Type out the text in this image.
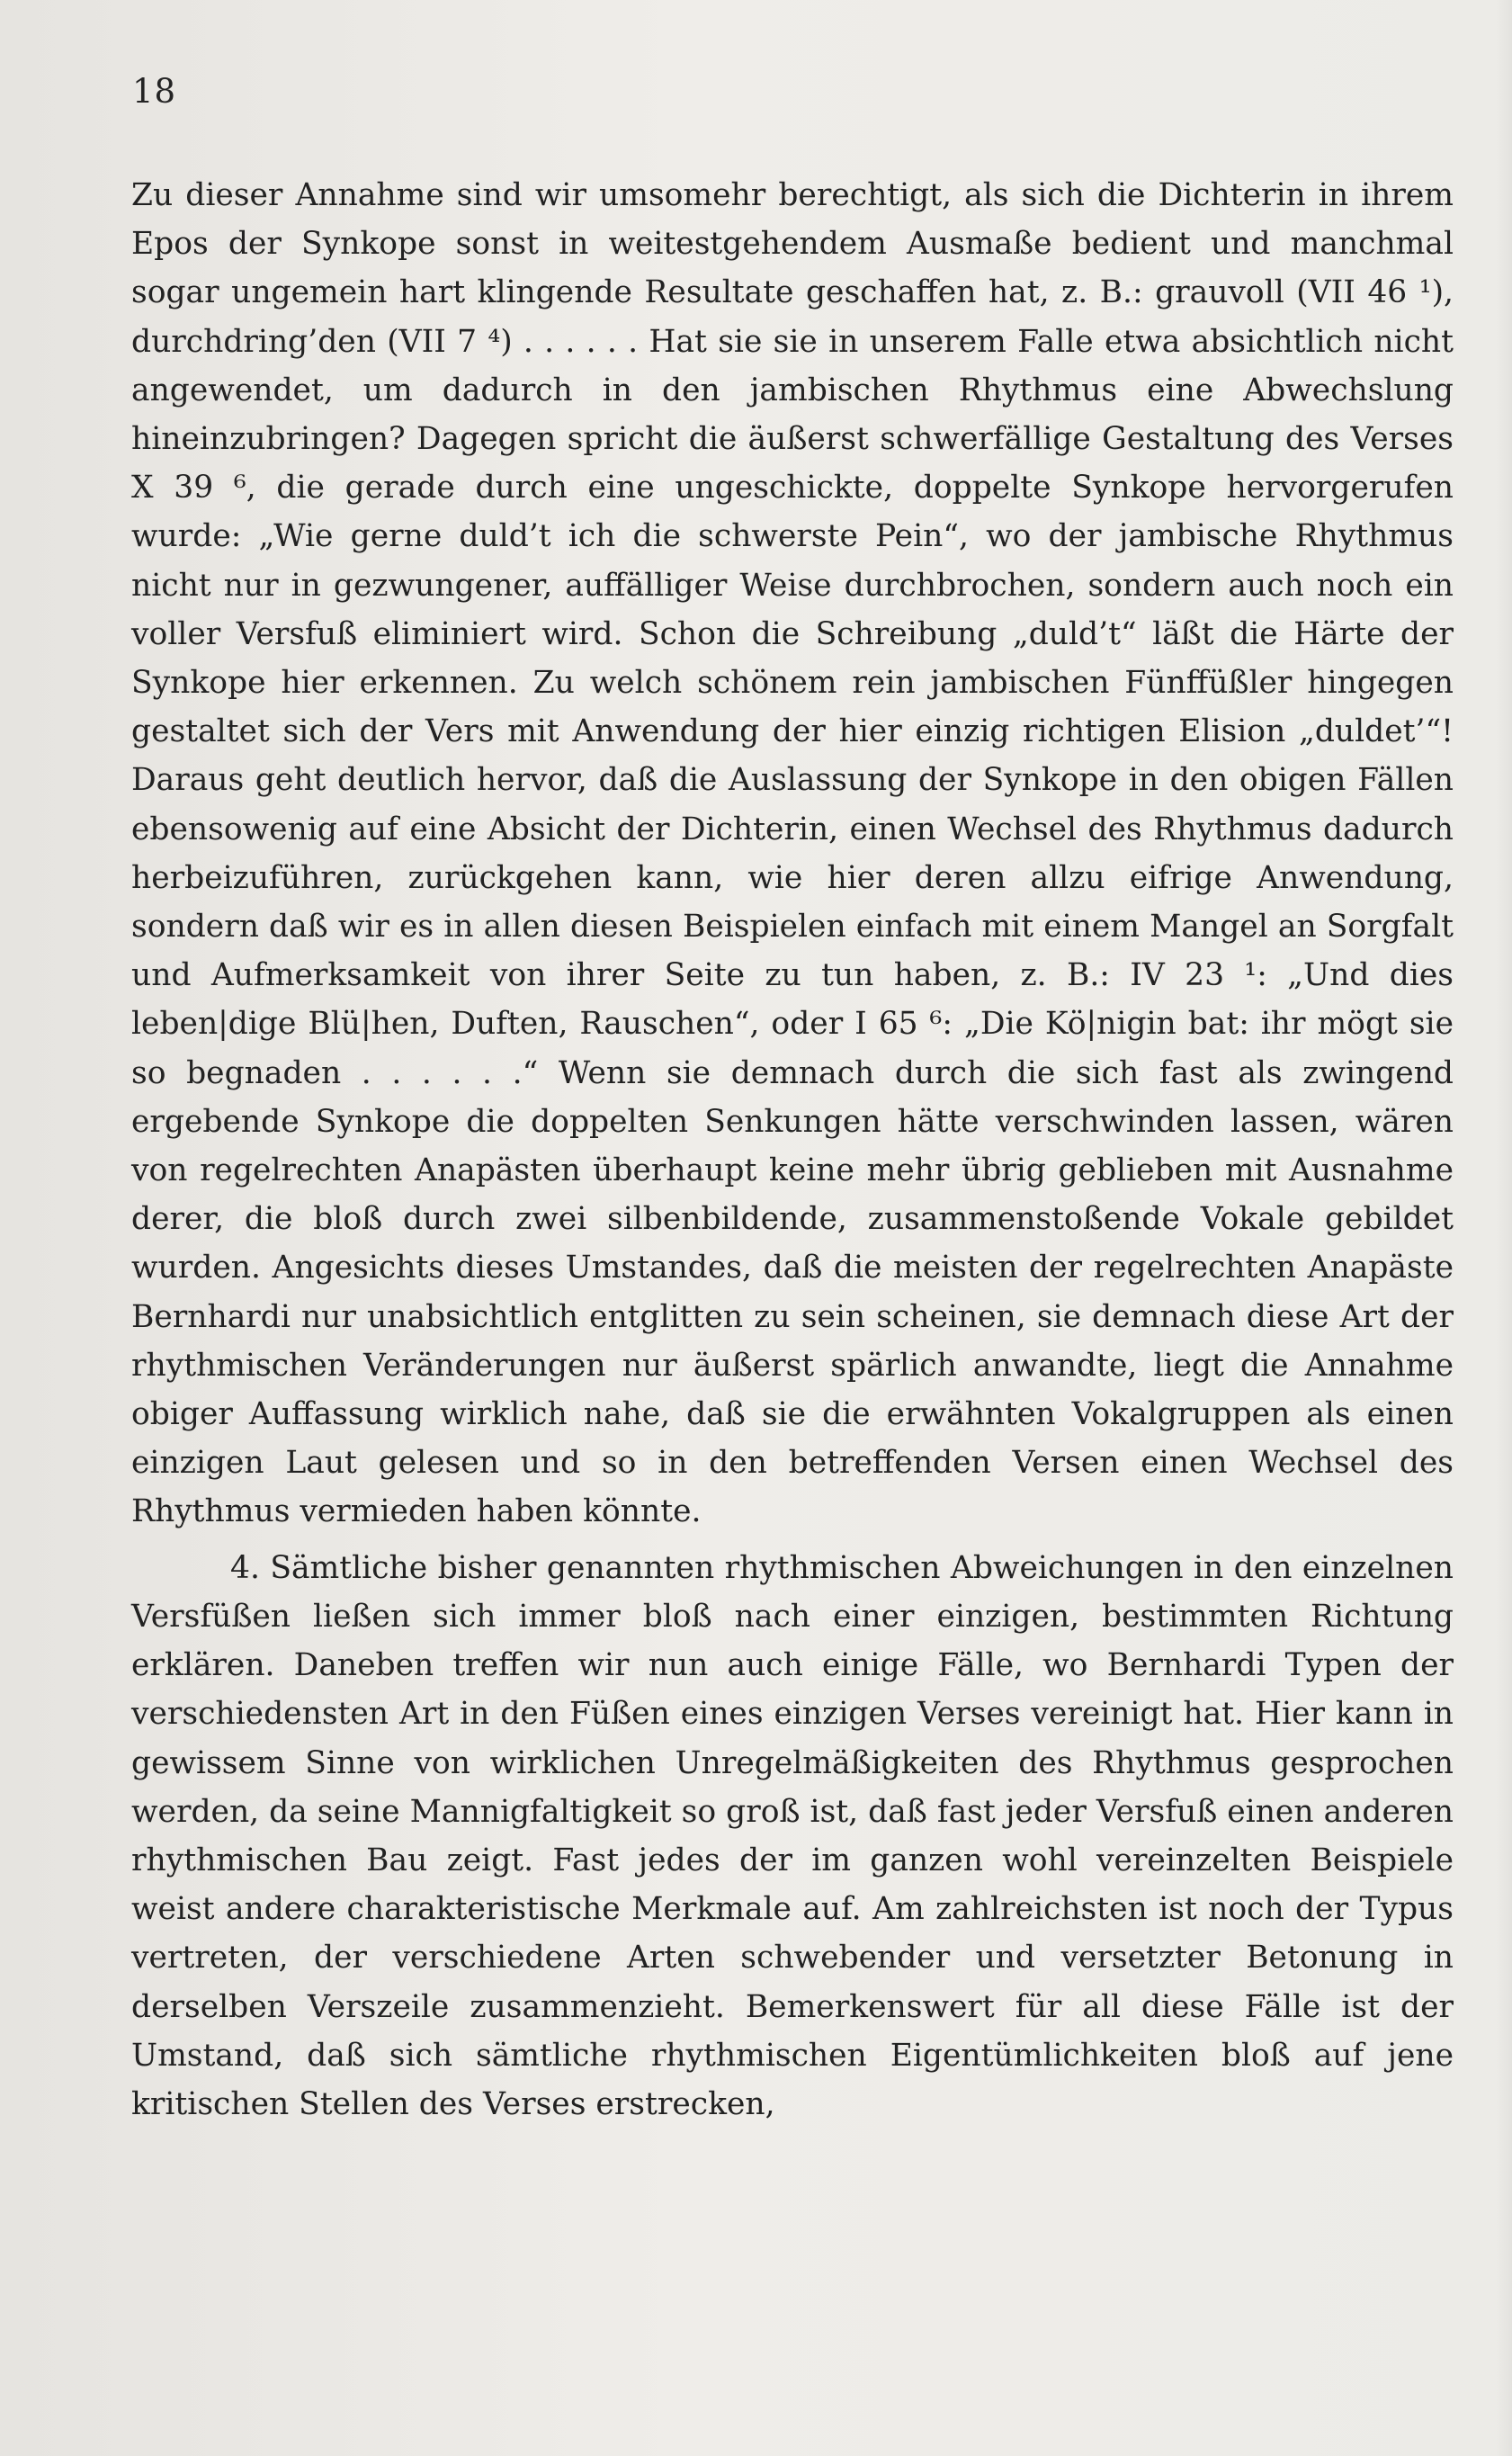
18

Zu dieser Annahme sind wir umsomehr berechtigt, als sich die Dichterin in ihrem Epos der Synkope sonst in weitestgehendem Ausmaße bedient und manchmal sogar ungemein hart klingende Resultate geschaffen hat, z. B.: grauvoll (VII 46 ¹), durchdring’den (VII 7 ⁴) . . . . . . Hat sie sie in unserem Falle etwa absichtlich nicht angewendet, um dadurch in den jambischen Rhythmus eine Abwechslung hineinzubringen? Dagegen spricht die äußerst schwerfällige Gestaltung des Verses X 39 ⁶, die gerade durch eine ungeschickte, doppelte Synkope hervorgerufen wurde: „Wie gerne duld’t ich die schwerste Pein“, wo der jambische Rhythmus nicht nur in gezwungener, auffälliger Weise durchbrochen, sondern auch noch ein voller Versfuß eliminiert wird. Schon die Schreibung „duld’t“ läßt die Härte der Synkope hier erkennen. Zu welch schönem rein jambischen Fünffüßler hingegen gestaltet sich der Vers mit Anwendung der hier einzig richtigen Elision „duldet’“! Daraus geht deutlich hervor, daß die Auslassung der Synkope in den obigen Fällen ebensowenig auf eine Absicht der Dichterin, einen Wechsel des Rhythmus dadurch herbeizuführen, zurückgehen kann, wie hier deren allzu eifrige Anwendung, sondern daß wir es in allen diesen Beispielen einfach mit einem Mangel an Sorgfalt und Aufmerksamkeit von ihrer Seite zu tun haben, z. B.: IV 23 ¹: „Und dies leben|dige Blü|hen, Duften, Rauschen“, oder I 65 ⁶: „Die Kö|nigin bat: ihr mögt sie so begnaden . . . . . .“ Wenn sie demnach durch die sich fast als zwingend ergebende Synkope die doppelten Senkungen hätte verschwinden lassen, wären von regelrechten Anapästen überhaupt keine mehr übrig geblieben mit Ausnahme derer, die bloß durch zwei silbenbildende, zusammenstoßende Vokale gebildet wurden. Angesichts dieses Umstandes, daß die meisten der regelrechten Anapäste Bernhardi nur unabsichtlich entglitten zu sein scheinen, sie demnach diese Art der rhythmischen Veränderungen nur äußerst spärlich anwandte, liegt die Annahme obiger Auffassung wirklich nahe, daß sie die erwähnten Vokalgruppen als einen einzigen Laut gelesen und so in den betreffenden Versen einen Wechsel des Rhythmus vermieden haben könnte.

4. Sämtliche bisher genannten rhythmischen Abweichungen in den einzelnen Versfüßen ließen sich immer bloß nach einer einzigen, bestimmten Richtung erklären. Daneben treffen wir nun auch einige Fälle, wo Bernhardi Typen der verschiedensten Art in den Füßen eines einzigen Verses vereinigt hat. Hier kann in gewissem Sinne von wirklichen Unregelmäßigkeiten des Rhythmus gesprochen werden, da seine Mannigfaltigkeit so groß ist, daß fast jeder Versfuß einen anderen rhythmischen Bau zeigt. Fast jedes der im ganzen wohl vereinzelten Beispiele weist andere charakteristische Merkmale auf. Am zahlreichsten ist noch der Typus vertreten, der verschiedene Arten schwebender und versetzter Betonung in derselben Verszeile zusammenzieht. Bemerkenswert für all diese Fälle ist der Umstand, daß sich sämtliche rhythmischen Eigentümlichkeiten bloß auf jene kritischen Stellen des Verses erstrecken,
